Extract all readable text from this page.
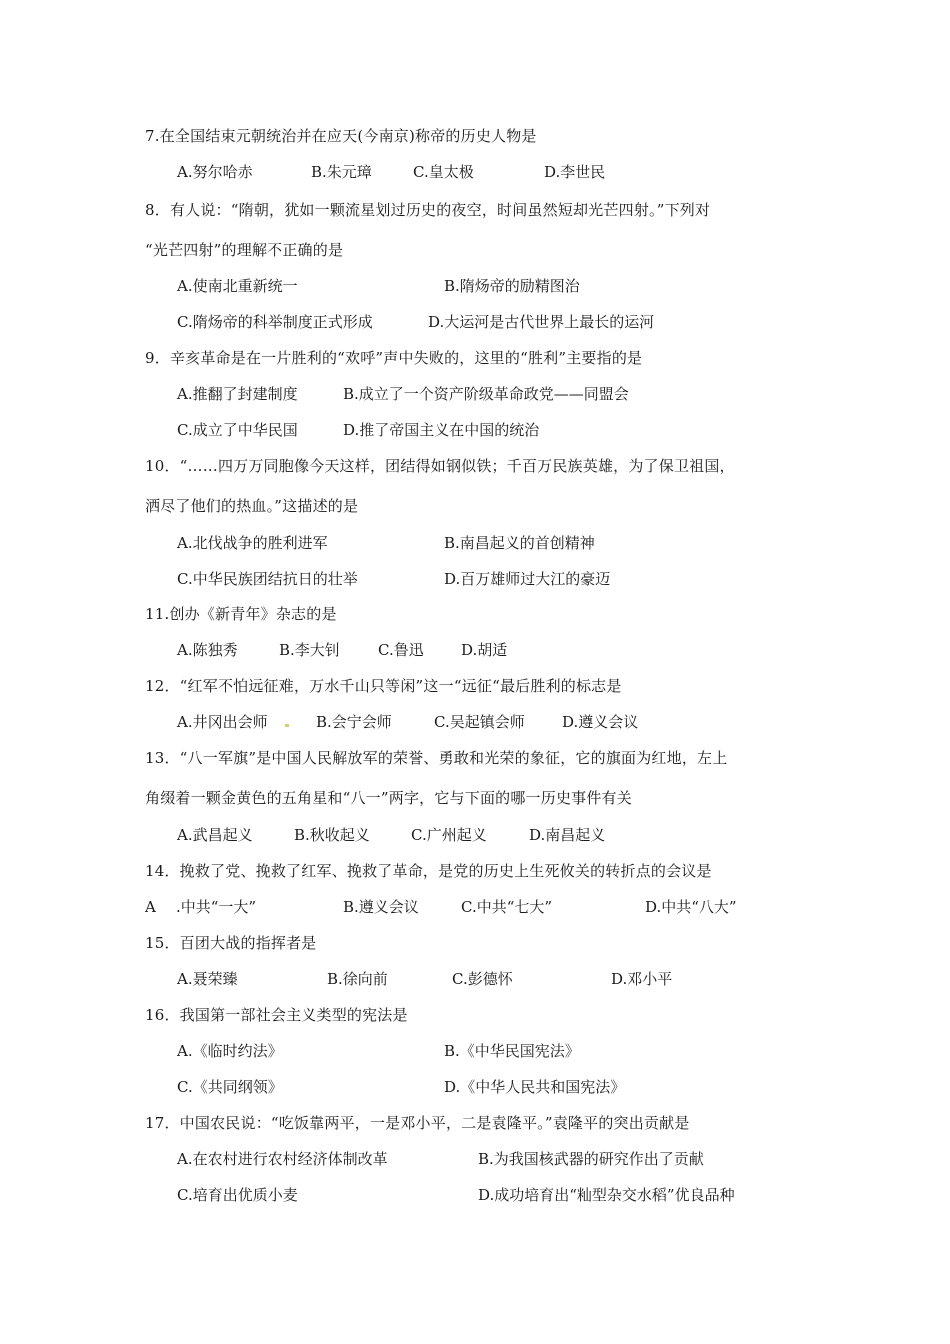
7.在全国结束元朝统治并在应天(今南京)称帝的历史人物是
A.努尔哈赤	B.朱元璋	C.皇太极	D.李世民
8．有人说：“隋朝，犹如一颗流星划过历史的夜空，时间虽然短却光芒四射。”下列对
“光芒四射”的理解不正确的是
A.使南北重新统一	B.隋炀帝的励精图治
C.隋炀帝的科举制度正式形成	D.大运河是古代世界上最长的运河
9．辛亥革命是在一片胜利的“欢呼”声中失败的，这里的“胜利”主要指的是
A.推翻了封建制度	B.成立了一个资产阶级革命政党——同盟会
C.成立了中华民国	D.推了帝国主义在中国的统治
10．“……四万万同胞像今天这样，团结得如钢似铁；千百万民族英雄，为了保卫祖国，
洒尽了他们的热血。”这描述的是
A.北伐战争的胜利进军	B.南昌起义的首创精神
C.中华民族团结抗日的壮举	D.百万雄师过大江的豪迈
11.创办《新青年》杂志的是
A.陈独秀	B.李大钊	C.鲁迅 D.胡适
12．“红军不怕远征难，万水千山只等闲”这一“远征“最后胜利的标志是
A.井冈出会师	B.会宁会师	C.吴起镇会师 D.遵义会议
13．“八一军旗”是中国人民解放军的荣誉、勇敢和光荣的象征，它的旗面为红地，左上
角缀着一颗金黄色的五角星和“八一”两字，它与下面的哪一历史事件有关
A.武昌起义	B.秋收起义	C.广州起义	D.南昌起义
14．挽救了党、挽救了红军、挽救了革命，是党的历史上生死攸关的转折点的会议是
A .中共“一大”	B.遵义会议	C.中共“七大”	D.中共“八大”
15．百团大战的指挥者是
A.聂荣臻	B.徐向前	C.彭德怀	D.邓小平
16．我国第一部社会主义类型的宪法是
A.《临时约法》	B.《中华民国宪法》
C.《共同纲领》	D.《中华人民共和国宪法》
17．中国农民说：“吃饭靠两平，一是邓小平，二是袁隆平。”袁隆平的突出贡献是
A.在农村进行农村经济体制改革	B.为我国核武器的研究作出了贡献
C.培育出优质小麦	D.成功培育出“籼型杂交水稻”优良品种
